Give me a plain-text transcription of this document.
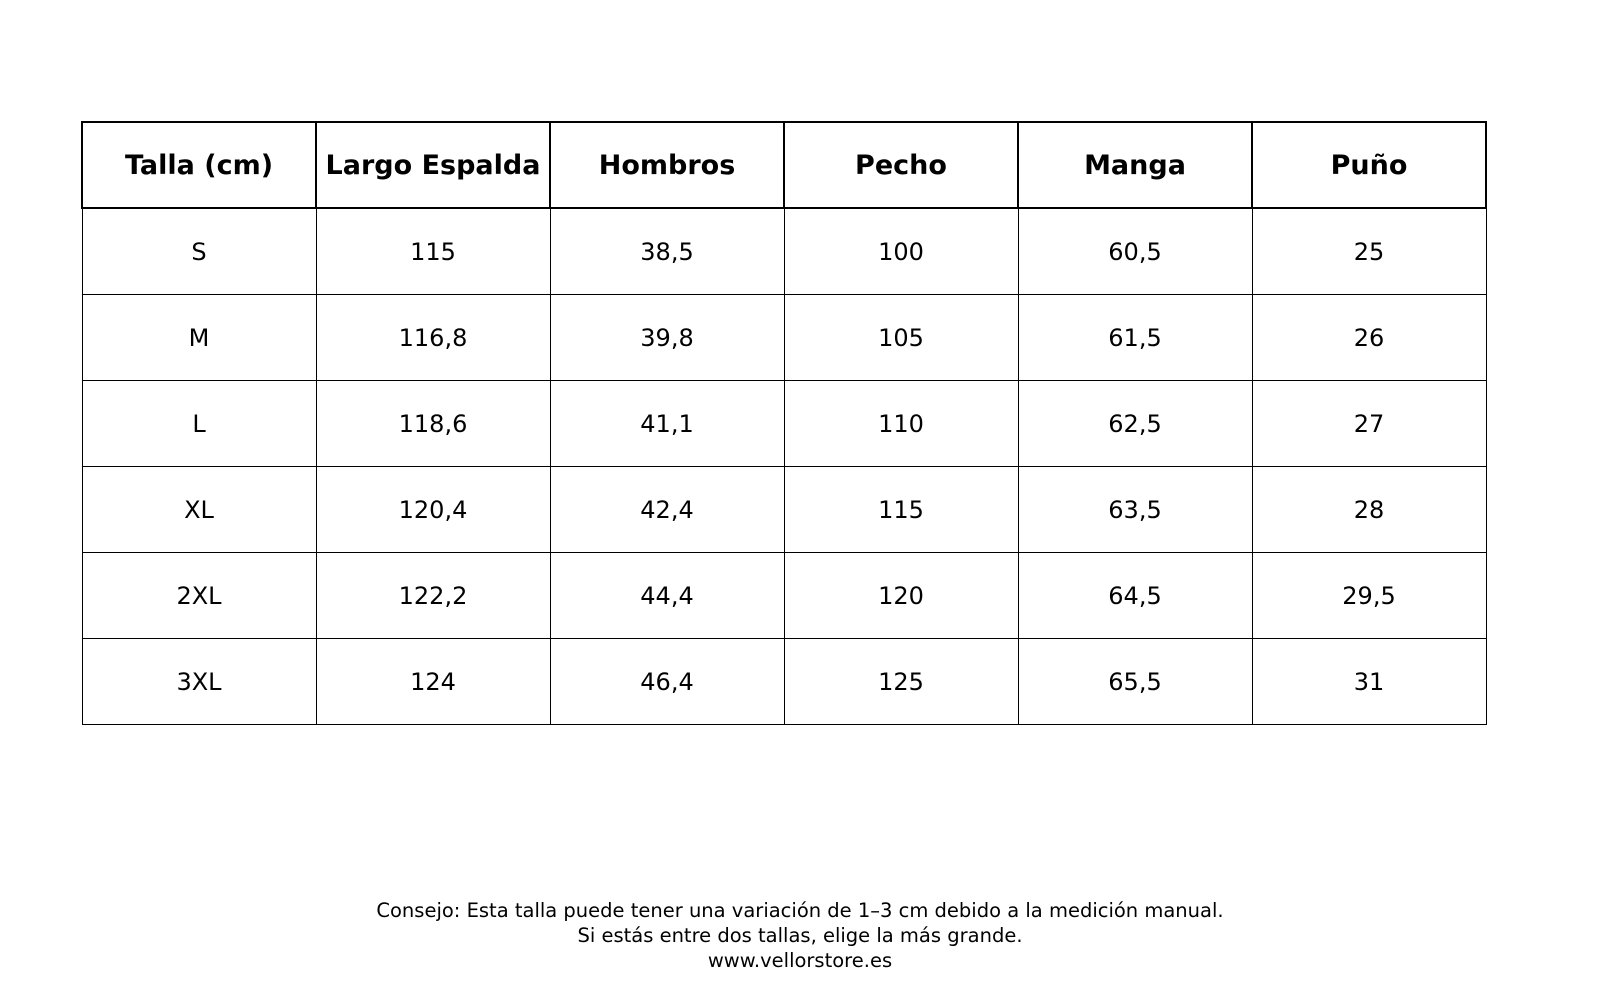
Talla (cm)	Largo Espalda	Hombros	Pecho	Manga	Puño
S	115	38,5	100	60,5	25
M	116,8	39,8	105	61,5	26
L	118,6	41,1	110	62,5	27
XL	120,4	42,4	115	63,5	28
2XL	122,2	44,4	120	64,5	29,5
3XL	124	46,4	125	65,5	31
Consejo: Esta talla puede tener una variación de 1–3 cm debido a la medición manual.
Si estás entre dos tallas, elige la más grande.
www.vellorstore.es
